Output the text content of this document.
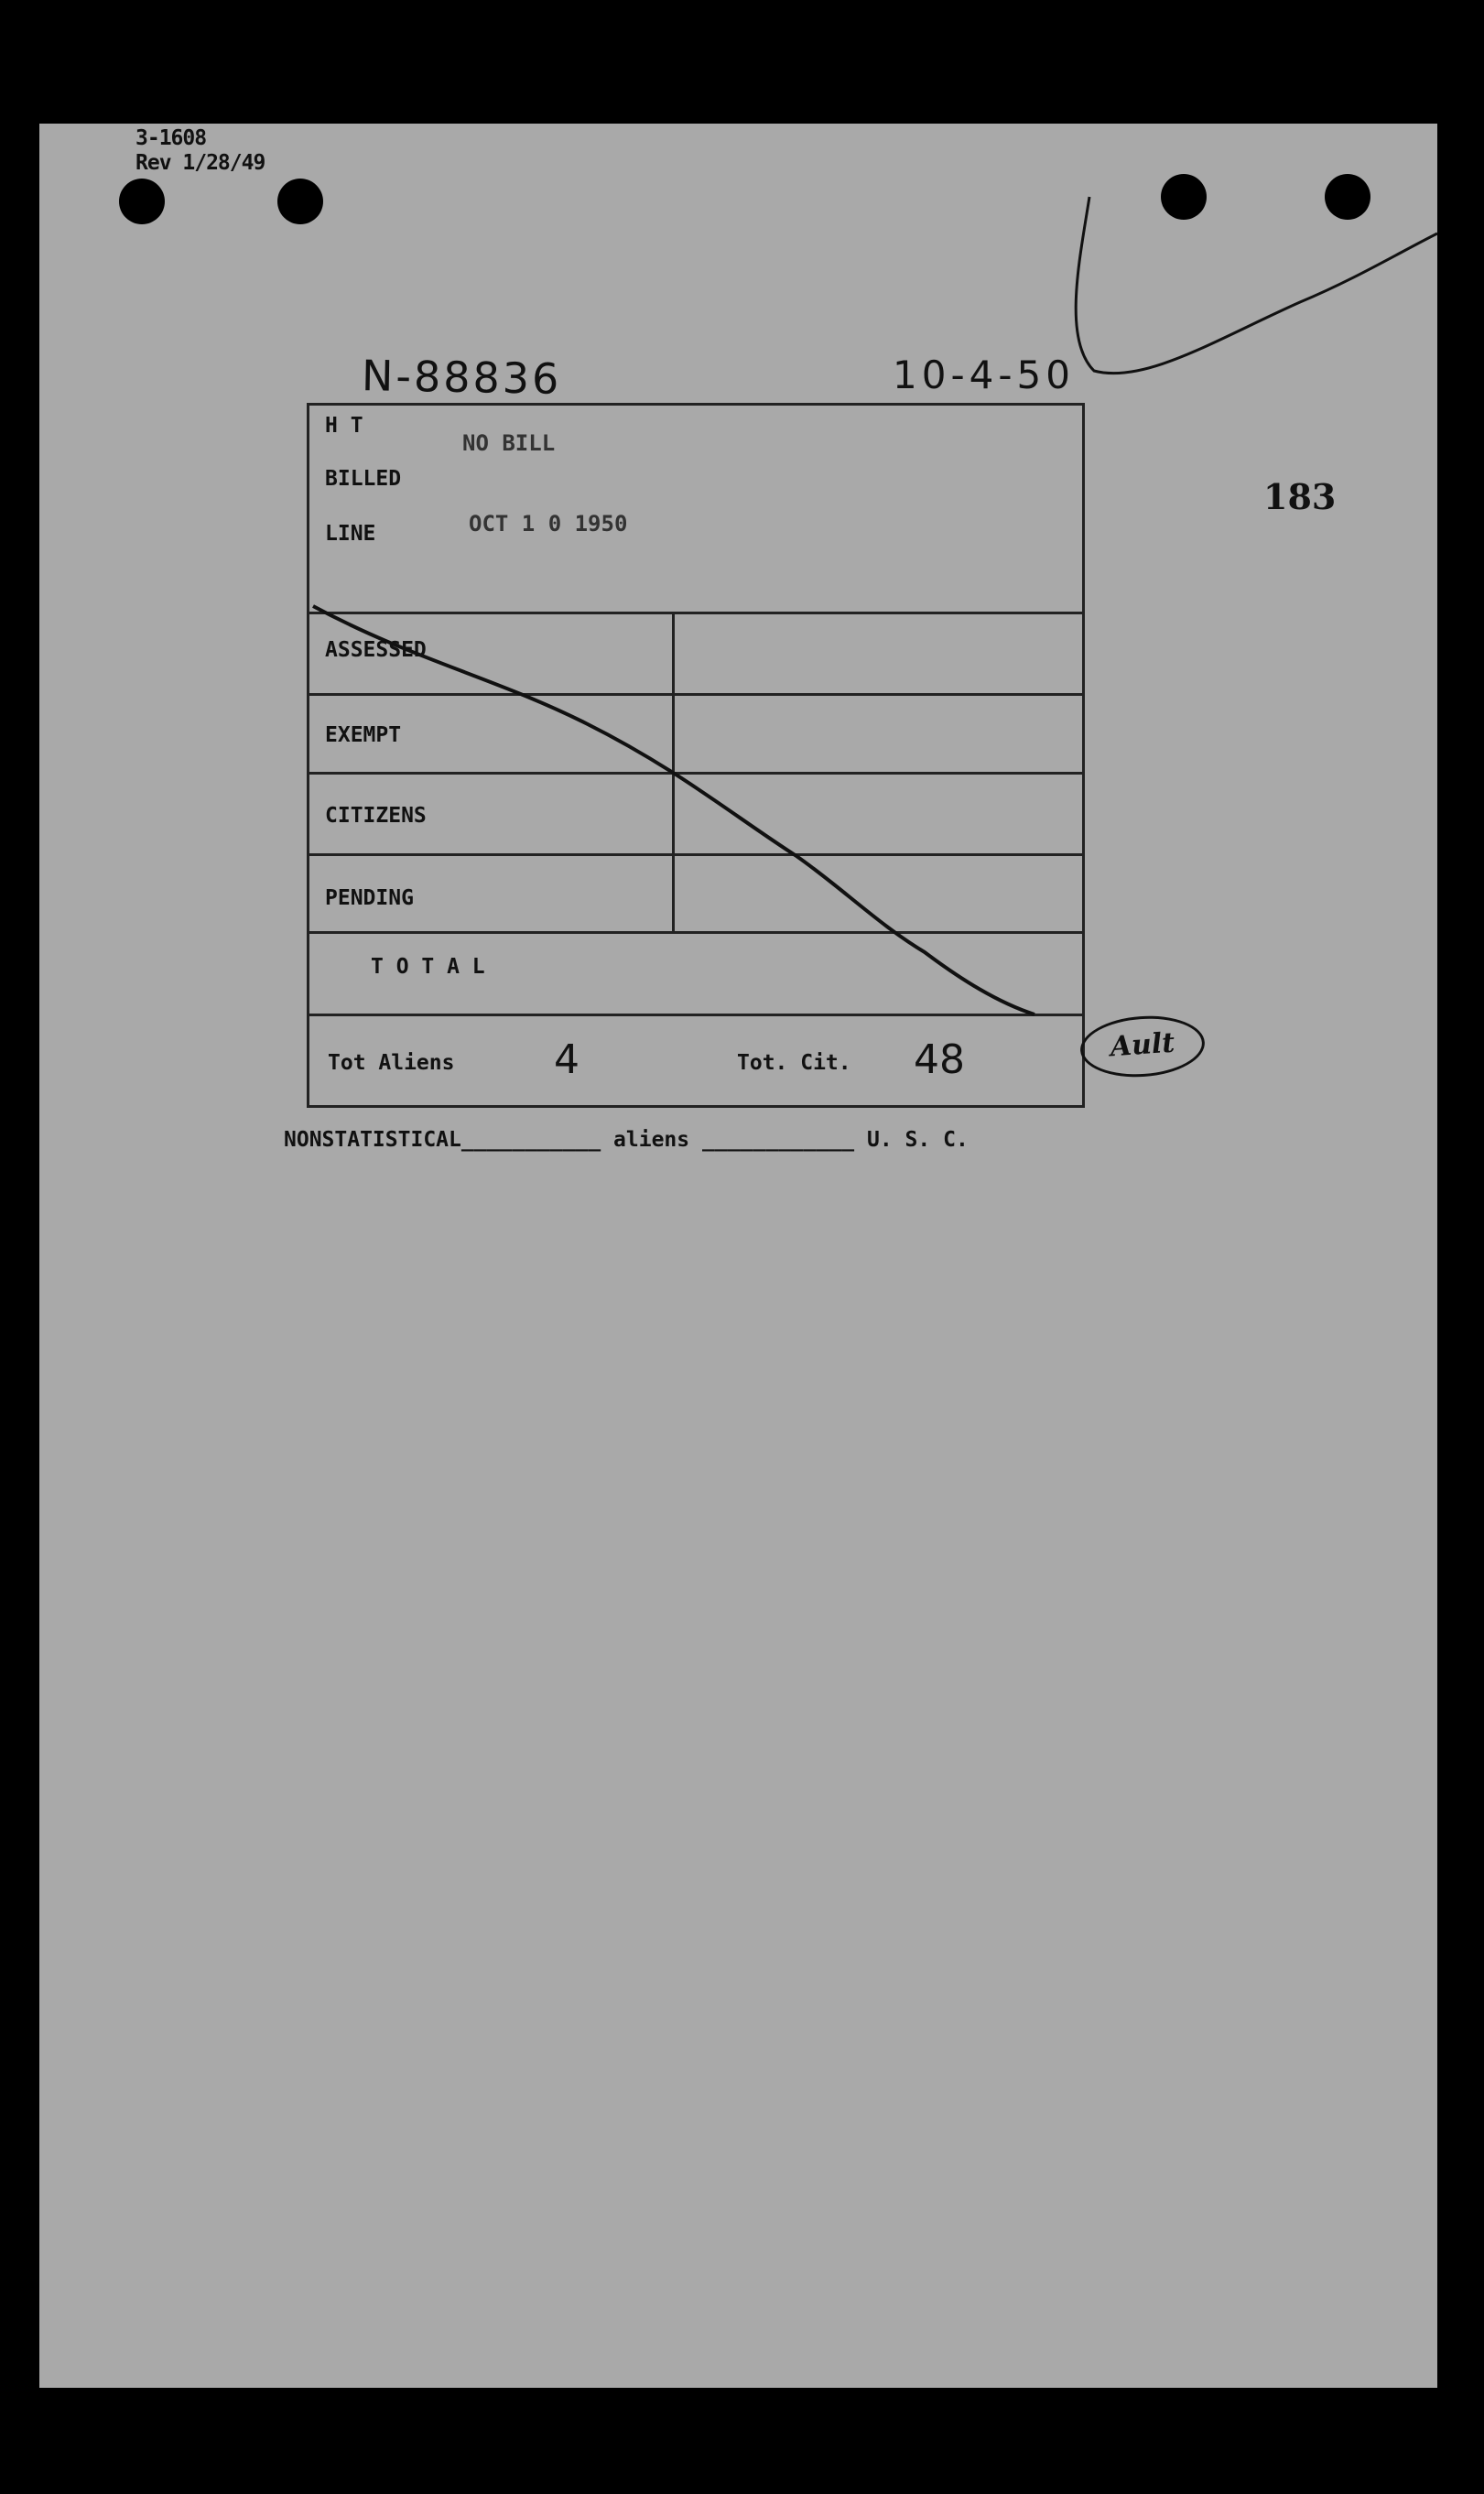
3-1608
Rev 1/28/49
N-88836	10-4-50
183
H T
BILLED
LINE
NO BILL
OCT 1 0 1950
ASSESSED
EXEMPT
CITIZENS
PENDING
T O T A L
Tot Aliens 4	Tot. Cit. 48	Ault
NONSTATISTICAL___________ aliens ____________ U. S. C.
